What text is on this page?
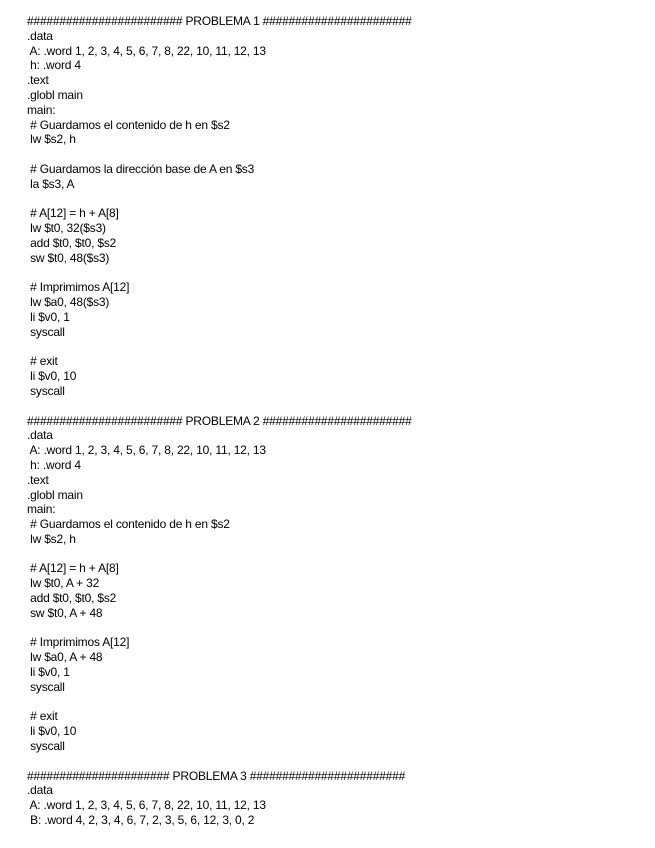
######################## PROBLEMA 1 #######################
.data
A: .word 1, 2, 3, 4, 5, 6, 7, 8, 22, 10, 11, 12, 13
h: .word 4
.text
.globl main
main:
# Guardamos el contenido de h en $s2
lw $s2, h
# Guardamos la dirección base de A en $s3
la $s3, A
# A[12] = h + A[8]
lw $t0, 32($s3)
add $t0, $t0, $s2
sw $t0, 48($s3)
# Imprimimos A[12]
lw $a0, 48($s3)
li $v0, 1
syscall
# exit
li $v0, 10
syscall
######################## PROBLEMA 2 #######################
.data
A: .word 1, 2, 3, 4, 5, 6, 7, 8, 22, 10, 11, 12, 13
h: .word 4
.text
.globl main
main:
# Guardamos el contenido de h en $s2
lw $s2, h
# A[12] = h + A[8]
lw $t0, A + 32
add $t0, $t0, $s2
sw $t0, A + 48
# Imprimimos A[12]
lw $a0, A + 48
li $v0, 1
syscall
# exit
li $v0, 10
syscall
###################### PROBLEMA 3 ########################
.data
A: .word 1, 2, 3, 4, 5, 6, 7, 8, 22, 10, 11, 12, 13
B: .word 4, 2, 3, 4, 6, 7, 2, 3, 5, 6, 12, 3, 0, 2
